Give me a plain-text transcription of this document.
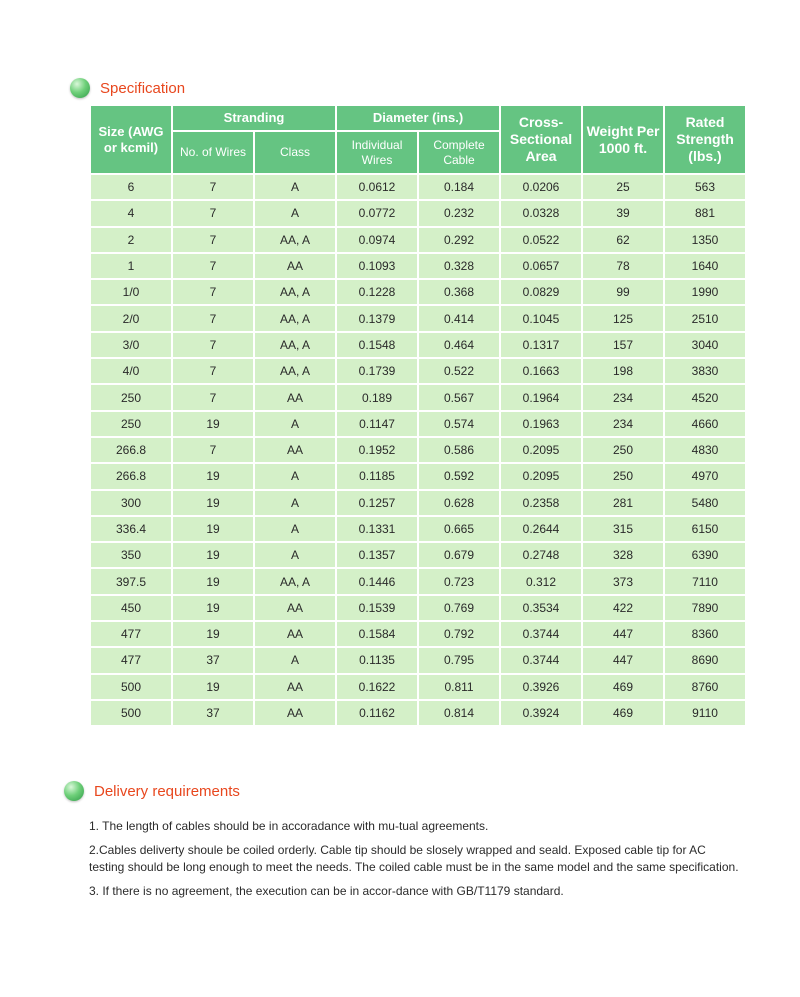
Specification
Size (AWG or kcmil)	Stranding		Diameter (ins.)		Cross-Sectional Area	Weight Per 1000 ft.	Rated Strength (lbs.)
	No. of Wires	Class	Individual Wires	Complete Cable			
6	7	A	0.0612	0.184	0.0206	25	563
4	7	A	0.0772	0.232	0.0328	39	881
2	7	AA, A	0.0974	0.292	0.0522	62	1350
1	7	AA	0.1093	0.328	0.0657	78	1640
1/0	7	AA, A	0.1228	0.368	0.0829	99	1990
2/0	7	AA, A	0.1379	0.414	0.1045	125	2510
3/0	7	AA, A	0.1548	0.464	0.1317	157	3040
4/0	7	AA, A	0.1739	0.522	0.1663	198	3830
250	7	AA	0.189	0.567	0.1964	234	4520
250	19	A	0.1147	0.574	0.1963	234	4660
266.8	7	AA	0.1952	0.586	0.2095	250	4830
266.8	19	A	0.1185	0.592	0.2095	250	4970
300	19	A	0.1257	0.628	0.2358	281	5480
336.4	19	A	0.1331	0.665	0.2644	315	6150
350	19	A	0.1357	0.679	0.2748	328	6390
397.5	19	AA, A	0.1446	0.723	0.312	373	7110
450	19	AA	0.1539	0.769	0.3534	422	7890
477	19	AA	0.1584	0.792	0.3744	447	8360
477	37	A	0.1135	0.795	0.3744	447	8690
500	19	AA	0.1622	0.811	0.3926	469	8760
500	37	AA	0.1162	0.814	0.3924	469	9110
Delivery requirements

1. The length of cables should be in accoradance with mu-tual agreements.

2.Cables deliverty shoule be coiled orderly. Cable tip should be slosely wrapped and seald. Exposed cable tip for AC testing should be long enough to meet the needs. The coiled cable must be in the same model and the same specification.

3. If there is no agreement, the execution can be in accor-dance with GB/T1179 standard.
